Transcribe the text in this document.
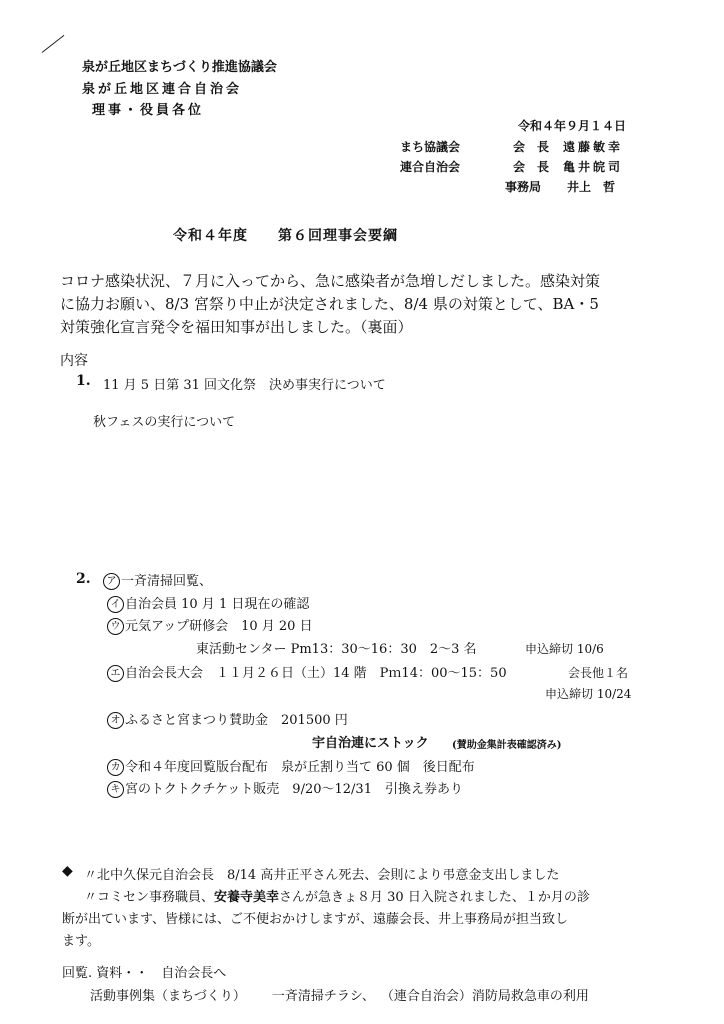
泉が丘地区まちづくり推進協議会
泉が丘地区連合自治会
理事・役員各位
令和４年９月１４日
まち協議会	会　長 遠藤敏幸
連合自治会	会　長 亀井皖司
事務局 井上　哲
令和４年度　　第６回理事会要綱
コロナ感染状況、７月に入ってから、急に感染者が急増しだしました。感染対策
に協力お願い、8/3 宮祭り中止が決定されました、8/4 県の対策として、BA・5
対策強化宣言発令を福田知事が出しました。（裏面）
内容
1. 11 月 5 日第 31 回文化祭　決め事実行について
秋フェスの実行について
2.	ア 一斉清掃回覧、
イ 自治会員 10 月 1 日現在の確認
ウ 元気アップ研修会　10 月 20 日
東活動センター Pm13：30〜16：30　2〜3 名	申込締切 10/6
エ 自治会長大会　１１月２６日（土）14 階　Pｍ14：00〜15：50	会長他１名
申込締切 10/24
オ ふるさと宮まつり賛助金　201500 円
宇自治連にストック (賛助金集計表確認済み)
カ 令和４年度回覧版台配布　泉が丘割り当て 60 個　後日配布
キ 宮のトクトクチケット販売　9/20〜12/31　引換え券あり
◆ 〃北中久保元自治会長　8/14 高井正平さん死去、会則により弔意金支出しました
〃コミセン事務職員、安養寺美幸さんが急きょ８月 30 日入院されました、１か月の診
断が出ています、皆様には、ご不便おかけしますが、遠藤会長、井上事務局が担当致し
ます。
回覧. 資料・・　自治会長へ
活動事例集（まちづくり） 一斉清掃チラシ、 （連合自治会）消防局救急車の利用
